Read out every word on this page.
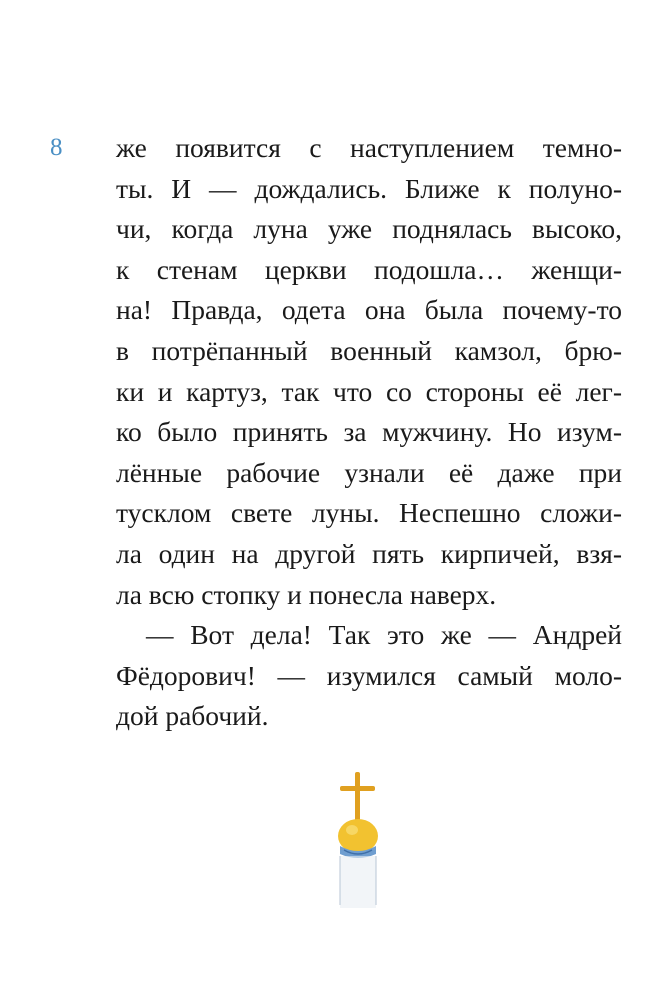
8 же появится с наступлением темно-
ты. И — дождались. Ближе к полуно-
чи, когда луна уже поднялась высоко,
к стенам церкви подошла… женщи-
на! Правда, одета она была почему-то
в потрёпанный военный камзол, брю-
ки и картуз, так что со стороны её лег-
ко было принять за мужчину. Но изум-
лённые рабочие узнали её даже при
тусклом свете луны. Неспешно сложи-
ла один на другой пять кирпичей, взя-
ла всю стопку и понесла наверх.
— Вот дела! Так это же — Андрей
Фёдорович! — изумился самый моло-
дой рабочий.
